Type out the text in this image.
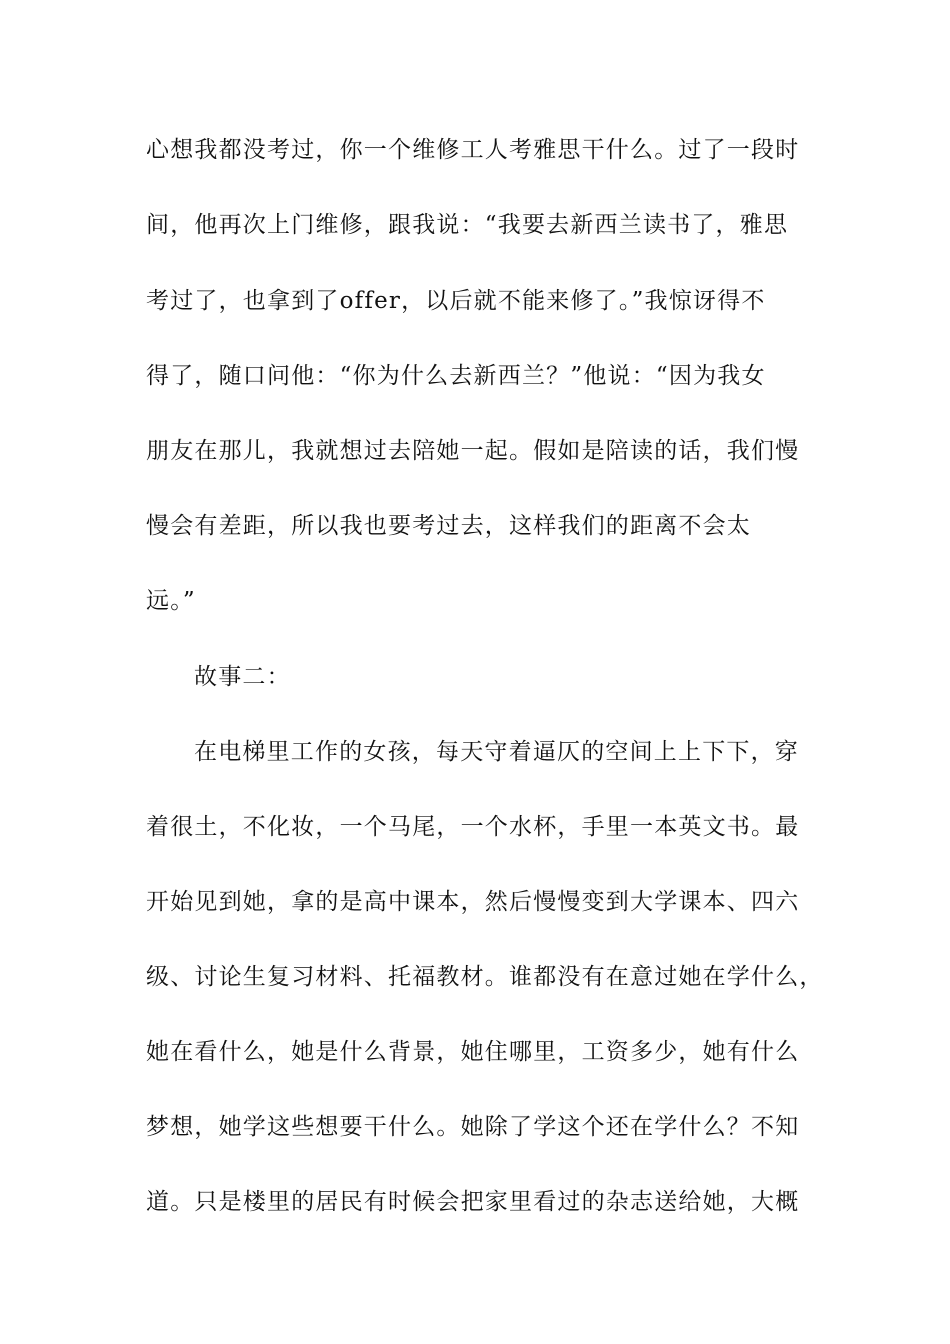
心想我都没考过，你一个维修工人考雅思干什么。过了一段时
间，他再次上门维修，跟我说：“我要去新西兰读书了，雅思
考过了，也拿到了offer，以后就不能来修了。”我惊讶得不
得了，随口问他：“你为什么去新西兰？”他说：“因为我女
朋友在那儿，我就想过去陪她一起。假如是陪读的话，我们慢
慢会有差距，所以我也要考过去，这样我们的距离不会太
远。”
故事二：
在电梯里工作的女孩，每天守着逼仄的空间上上下下，穿
着很土，不化妆，一个马尾，一个水杯，手里一本英文书。最
开始见到她，拿的是高中课本，然后慢慢变到大学课本、四六
级、讨论生复习材料、托福教材。谁都没有在意过她在学什么，
她在看什么，她是什么背景，她住哪里，工资多少，她有什么
梦想，她学这些想要干什么。她除了学这个还在学什么？不知
道。只是楼里的居民有时候会把家里看过的杂志送给她，大概
